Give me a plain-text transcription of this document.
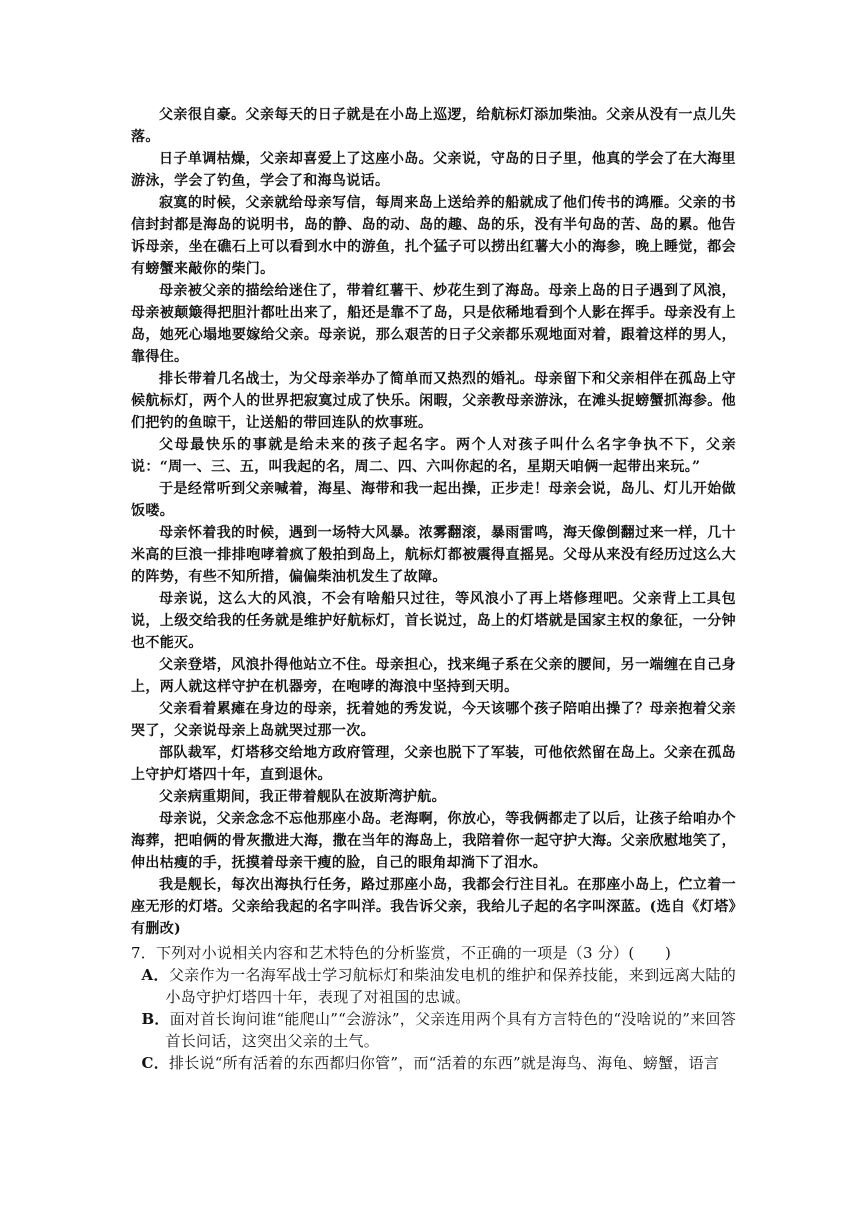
父亲很自豪。父亲每天的日子就是在小岛上巡逻，给航标灯添加柴油。父亲从没有一点儿失落。

日子单调枯燥，父亲却喜爱上了这座小岛。父亲说，守岛的日子里，他真的学会了在大海里游泳，学会了钓鱼，学会了和海鸟说话。

寂寞的时候，父亲就给母亲写信，每周来岛上送给养的船就成了他们传书的鸿雁。父亲的书信封封都是海岛的说明书，岛的静、岛的动、岛的趣、岛的乐，没有半句岛的苦、岛的累。他告诉母亲，坐在礁石上可以看到水中的游鱼，扎个猛子可以捞出红薯大小的海参，晚上睡觉，都会有螃蟹来敲你的柴门。

母亲被父亲的描绘给迷住了，带着红薯干、炒花生到了海岛。母亲上岛的日子遇到了风浪，母亲被颠簸得把胆汁都吐出来了，船还是靠不了岛，只是依稀地看到个人影在挥手。母亲没有上岛，她死心塌地要嫁给父亲。母亲说，那么艰苦的日子父亲都乐观地面对着，跟着这样的男人，靠得住。

排长带着几名战士，为父母亲举办了简单而又热烈的婚礼。母亲留下和父亲相伴在孤岛上守候航标灯，两个人的世界把寂寞过成了快乐。闲暇，父亲教母亲游泳，在滩头捉螃蟹抓海参。他们把钓的鱼晾干，让送船的带回连队的炊事班。

父母最快乐的事就是给未来的孩子起名字。两个人对孩子叫什么名字争执不下，父亲说：“周一、三、五，叫我起的名，周二、四、六叫你起的名，星期天咱俩一起带出来玩。”

于是经常听到父亲喊着，海星、海带和我一起出操，正步走！母亲会说，岛儿、灯儿开始做饭喽。

母亲怀着我的时候，遇到一场特大风暴。浓雾翻滚，暴雨雷鸣，海天像倒翻过来一样，几十米高的巨浪一排排咆哮着疯了般拍到岛上，航标灯都被震得直摇晃。父母从来没有经历过这么大的阵势，有些不知所措，偏偏柴油机发生了故障。

母亲说，这么大的风浪，不会有啥船只过往，等风浪小了再上塔修理吧。父亲背上工具包说，上级交给我的任务就是维护好航标灯，首长说过，岛上的灯塔就是国家主权的象征，一分钟也不能灭。

父亲登塔，风浪扑得他站立不住。母亲担心，找来绳子系在父亲的腰间，另一端缠在自己身上，两人就这样守护在机器旁，在咆哮的海浪中坚持到天明。

父亲看着累瘫在身边的母亲，抚着她的秀发说，今天该哪个孩子陪咱出操了？母亲抱着父亲哭了，父亲说母亲上岛就哭过那一次。

部队裁军，灯塔移交给地方政府管理，父亲也脱下了军装，可他依然留在岛上。父亲在孤岛上守护灯塔四十年，直到退休。

父亲病重期间，我正带着舰队在波斯湾护航。

母亲说，父亲念念不忘他那座小岛。老海啊，你放心，等我俩都走了以后，让孩子给咱办个海葬，把咱俩的骨灰撒进大海，撒在当年的海岛上，我陪着你一起守护大海。父亲欣慰地笑了，伸出枯瘦的手，抚摸着母亲干瘦的脸，自己的眼角却淌下了泪水。

我是舰长，每次出海执行任务，路过那座小岛，我都会行注目礼。在那座小岛上，伫立着一座无形的灯塔。父亲给我起的名字叫洋。我告诉父亲，我给儿子起的名字叫深蓝。(选自《灯塔》有删改)

7．下列对小说相关内容和艺术特色的分析鉴赏，不正确的一项是（3 分）(　　)

A．父亲作为一名海军战士学习航标灯和柴油发电机的维护和保养技能，来到远离大陆的小岛守护灯塔四十年，表现了对祖国的忠诚。

B．面对首长询问谁“能爬山”“会游泳”，父亲连用两个具有方言特色的“没啥说的”来回答首长问话，这突出父亲的土气。

C．排长说“所有活着的东西都归你管”，而“活着的东西”就是海鸟、海龟、螃蟹，语言
